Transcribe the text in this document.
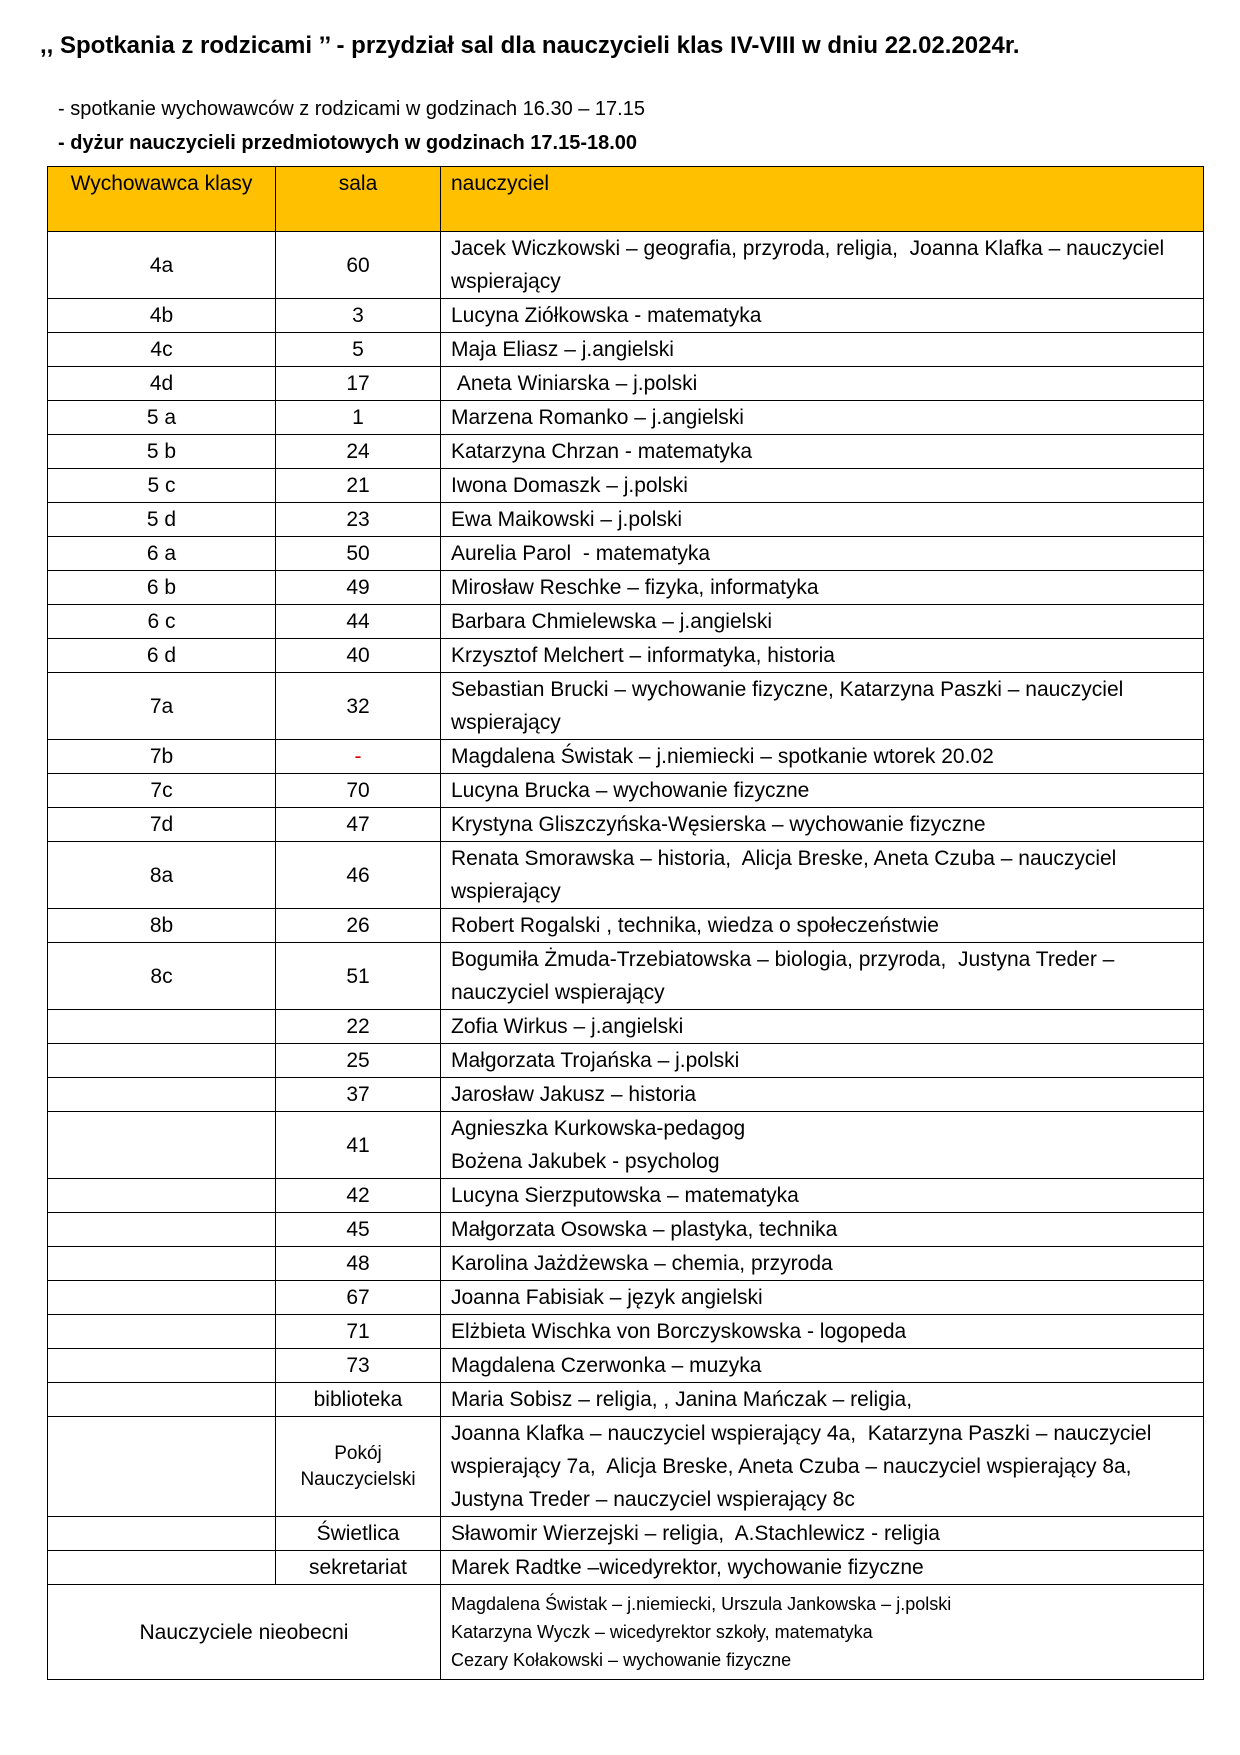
,, Spotkania z rodzicami ’’ - przydział sal dla nauczycieli klas IV-VIII w dniu 22.02.2024r.
- spotkanie wychowawców z rodzicami w godzinach 16.30 – 17.15
- dyżur nauczycieli przedmiotowych w godzinach 17.15-18.00
Wychowawca klasy	sala	nauczyciel
4a	60	Jacek Wiczkowski – geografia, przyroda, religia,  Joanna Klafka – nauczyciel wspierający
4b	3	Lucyna Ziółkowska - matematyka
4c	5	Maja Eliasz – j.angielski
4d	17	Aneta Winiarska – j.polski
5 a	1	Marzena Romanko – j.angielski
5 b	24	Katarzyna Chrzan - matematyka
5 c	21	Iwona Domaszk – j.polski
5 d	23	Ewa Maikowski – j.polski
6 a	50	Aurelia Parol  - matematyka
6 b	49	Mirosław Reschke – fizyka, informatyka
6 c	44	Barbara Chmielewska – j.angielski
6 d	40	Krzysztof Melchert – informatyka, historia
7a	32	Sebastian Brucki – wychowanie fizyczne, Katarzyna Paszki – nauczyciel wspierający
7b	-	Magdalena Świstak – j.niemiecki – spotkanie wtorek 20.02
7c	70	Lucyna Brucka – wychowanie fizyczne
7d	47	Krystyna Gliszczyńska-Węsierska – wychowanie fizyczne
8a	46	Renata Smorawska – historia,  Alicja Breske, Aneta Czuba – nauczyciel wspierający
8b	26	Robert Rogalski , technika, wiedza o społeczeństwie
8c	51	Bogumiła Żmuda-Trzebiatowska – biologia, przyroda,  Justyna Treder – nauczyciel wspierający
	22	Zofia Wirkus – j.angielski
	25	Małgorzata Trojańska – j.polski
	37	Jarosław Jakusz – historia
	41	Agnieszka Kurkowska-pedagog
Bożena Jakubek - psycholog

	42	Lucyna Sierzputowska – matematyka
	45	Małgorzata Osowska – plastyka, technika
	48	Karolina Jażdżewska – chemia, przyroda
	67	Joanna Fabisiak – język angielski
	71	Elżbieta Wischka von Borczyskowska - logopeda
	73	Magdalena Czerwonka – muzyka
	biblioteka	Maria Sobisz – religia, , Janina Mańczak – religia,
	Pokój Nauczycielski	Joanna Klafka – nauczyciel wspierający 4a,  Katarzyna Paszki – nauczyciel wspierający 7a,  Alicja Breske, Aneta Czuba – nauczyciel wspierający 8a, Justyna Treder – nauczyciel wspierający 8c
	Świetlica	Sławomir Wierzejski – religia,  A.Stachlewicz - religia
	sekretariat	Marek Radtke –wicedyrektor, wychowanie fizyczne
Nauczyciele nieobecni		Magdalena Świstak – j.niemiecki, Urszula Jankowska – j.polski
Katarzyna Wyczk – wicedyrektor szkoły, matematyka
Cezary Kołakowski – wychowanie fizyczne
